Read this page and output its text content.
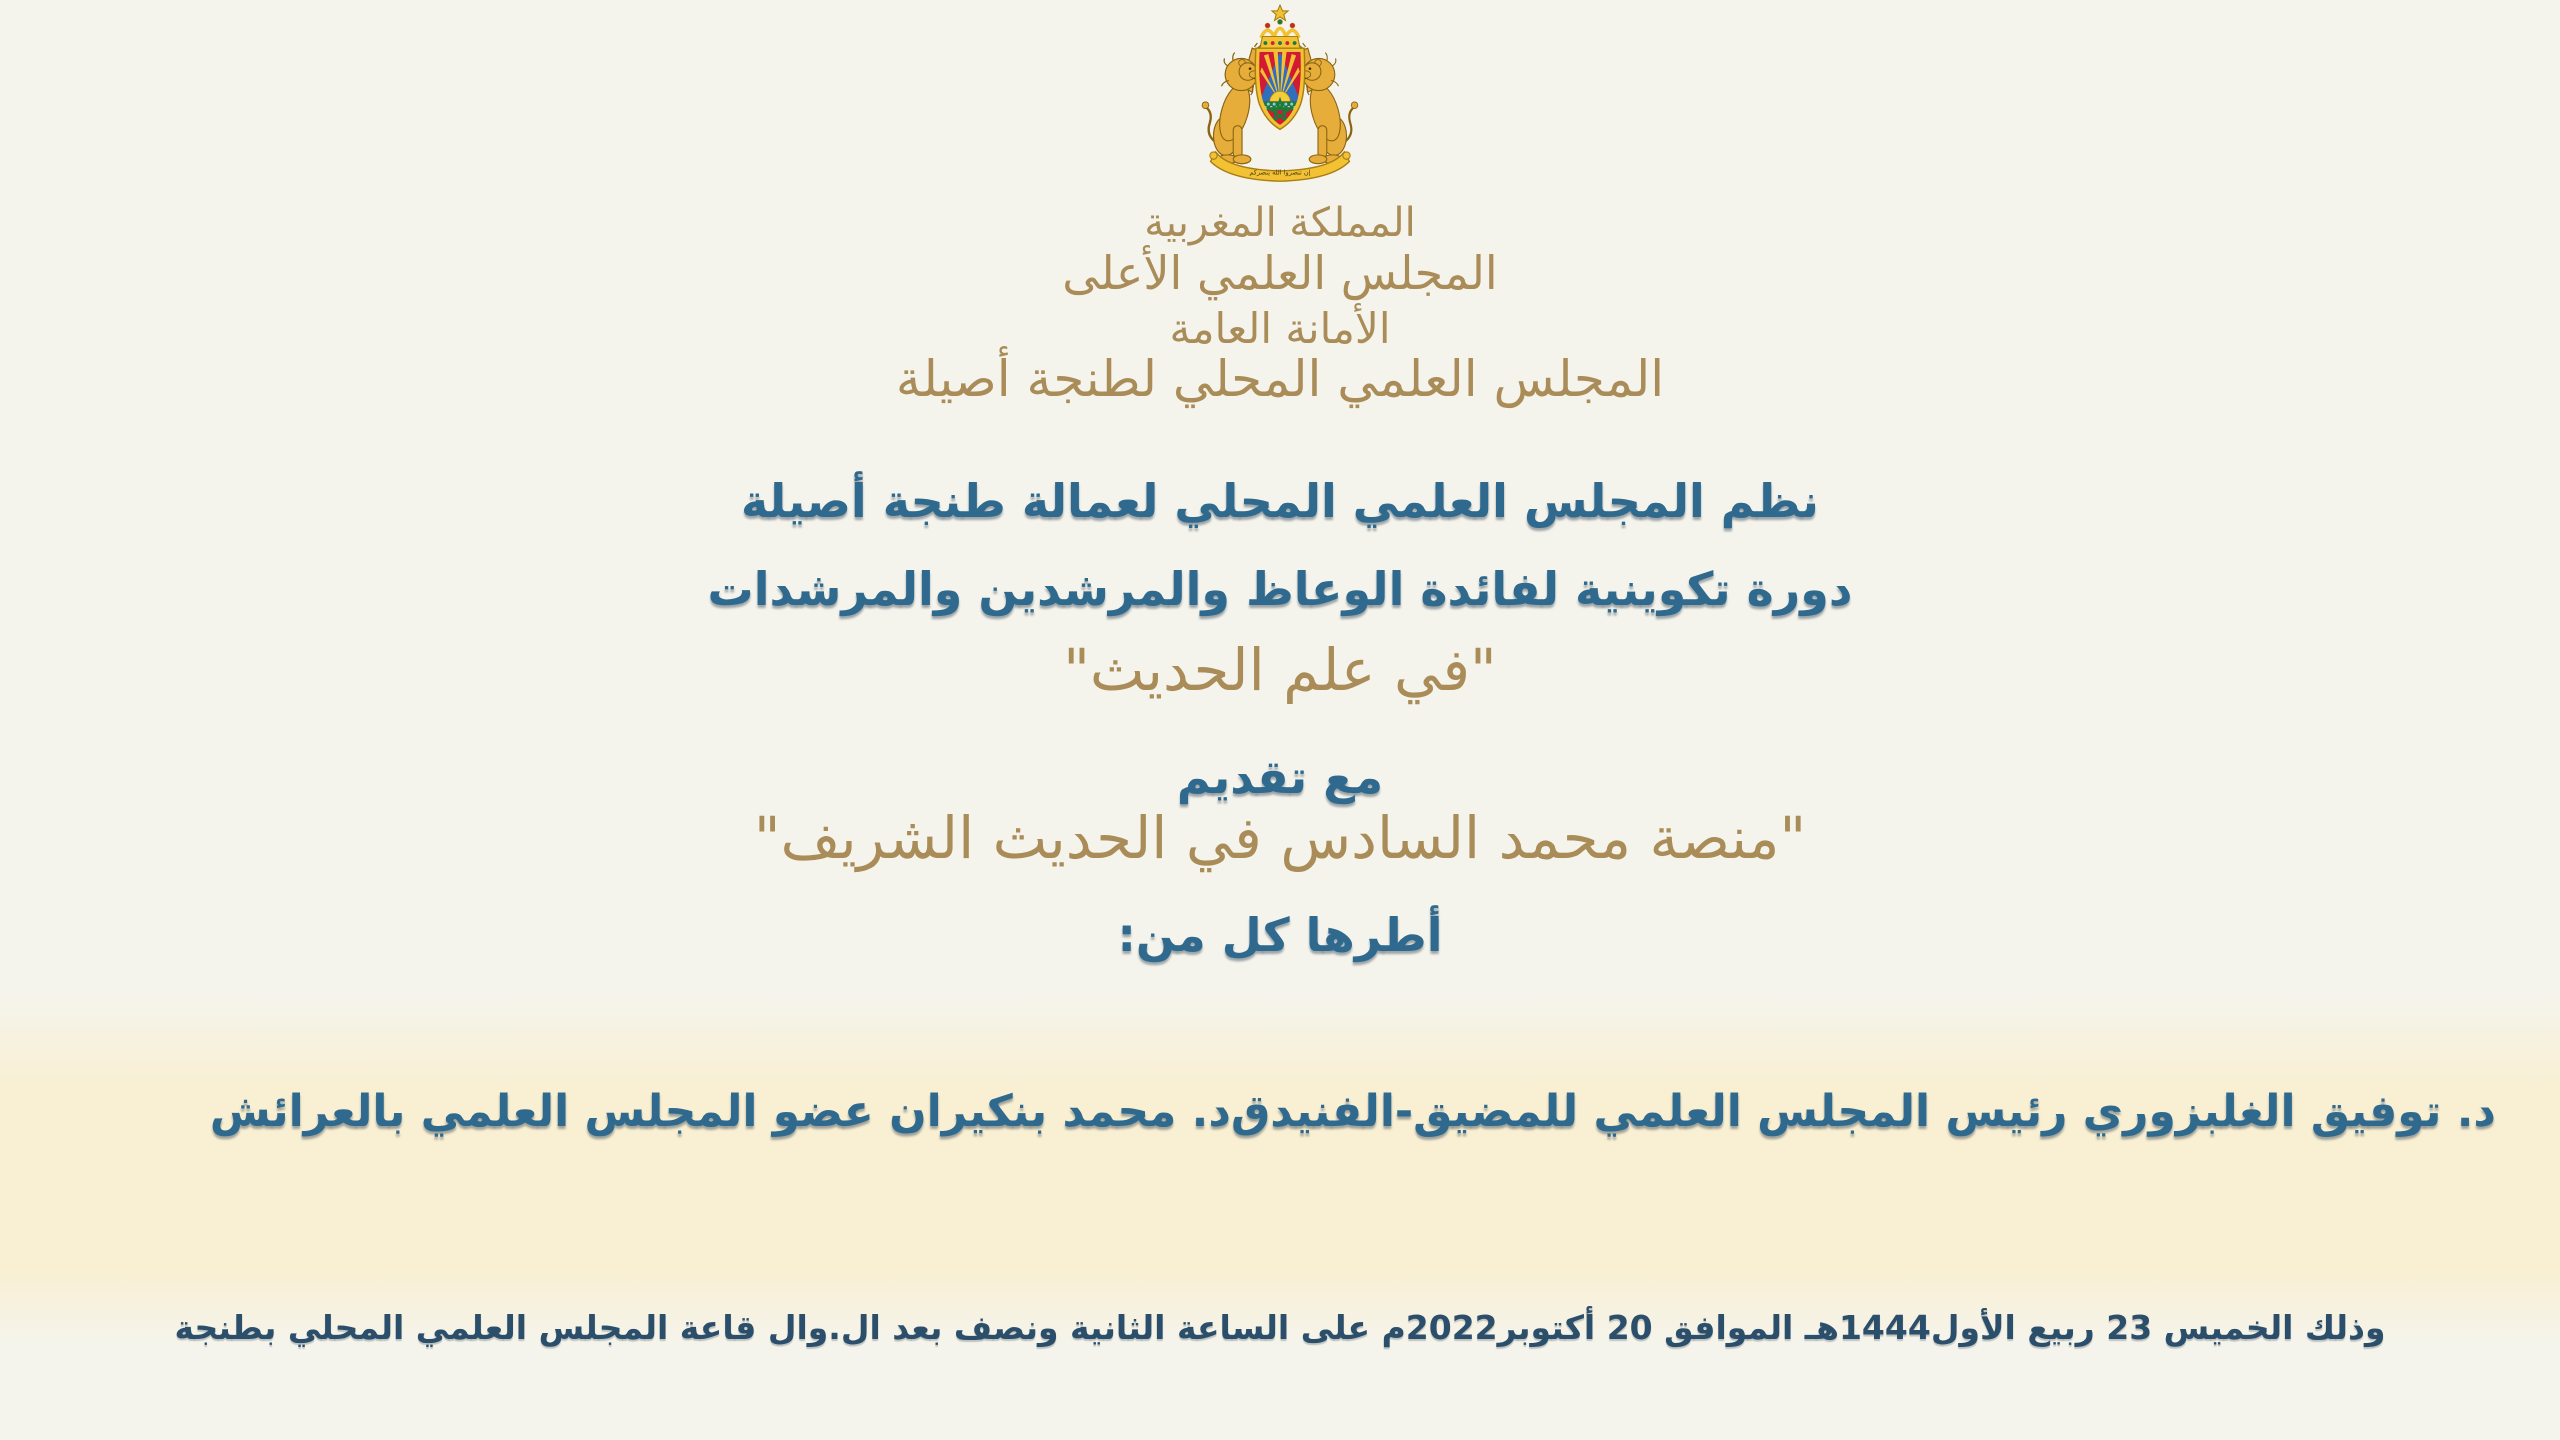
إن تنصروا الله ينصركم
المملكة المغربية
المجلس العلمي الأعلى
الأمانة العامة
المجلس العلمي المحلي لطنجة أصيلة
نظم المجلس العلمي المحلي لعمالة طنجة أصيلة
دورة تكوينية لفائدة الوعاظ والمرشدين والمرشدات
"في علم الحديث"
مع تقديم
"منصة محمد السادس في الحديث الشريف"
أطرها كل من:
د. توفيق الغلبزوري رئيس المجلس العلمي للمضيق-الفنيدق
د. محمد بنكيران عضو المجلس العلمي بالعرائش
وذلك الخميس 23 ربيع الأول1444هـ الموافق 20 أكتوبر2022م على الساعة الثانية ونصف بعد ال.وال قاعة المجلس العلمي المحلي بطنجة
